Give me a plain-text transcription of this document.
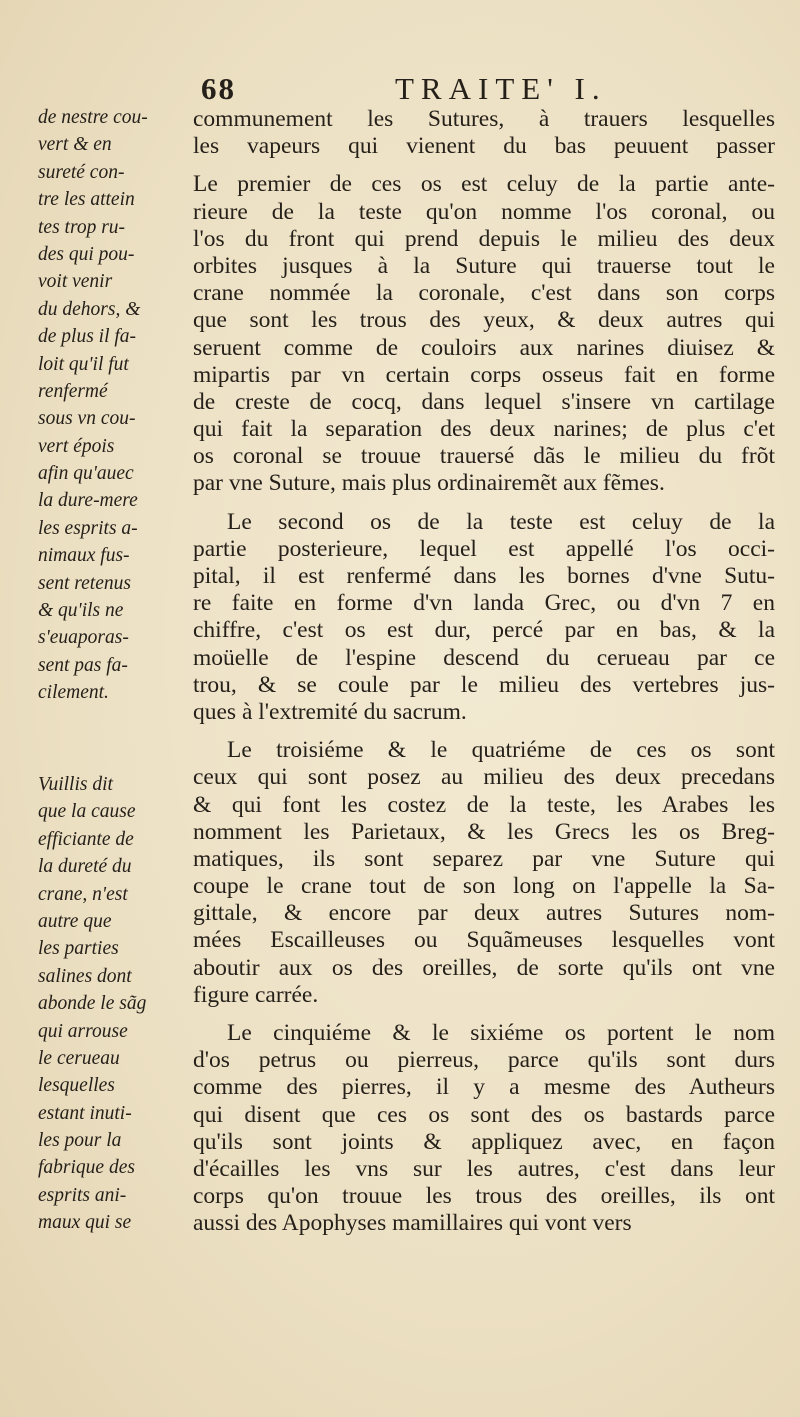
68	TRAITE' I.
de nestre cou-
vert & en
sureté con-
tre les attein
tes trop ru-
des qui pou-
voit venir
du dehors, &
de plus il fa-
loit qu'il fut
renfermé
sous vn cou-
vert épois
afin qu'auec
la dure-mere
les esprits a-
nimaux fus-
sent retenus
& qu'ils ne
s'euaporas-
sent pas fa-
cilement.
Vuillis dit
que la cause
efficiante de
la dureté du
crane, n'est
autre que
les parties
salines dont
abonde le sãg
qui arrouse
le cerueau
lesquelles
estant inuti-
les pour la
fabrique des
esprits ani-
maux qui se
communement les Sutures, à trauers lesquelles
les vapeurs qui vienent du bas peuuent passer
Le premier de ces os est celuy de la partie ante-
rieure de la teste qu'on nomme l'os coronal, ou
l'os du front qui prend depuis le milieu des deux
orbites jusques à la Suture qui trauerse tout le
crane nommée la coronale, c'est dans son corps
que sont les trous des yeux, & deux autres qui
seruent comme de couloirs aux narines diuisez &
mipartis par vn certain corps osseus fait en forme
de creste de cocq, dans lequel s'insere vn cartilage
qui fait la separation des deux narines; de plus c'et
os coronal se trouue trauersé dãs le milieu du frõt
par vne Suture, mais plus ordinairemẽt aux fẽmes.
Le second os de la teste est celuy de la
partie posterieure, lequel est appellé l'os occi-
pital, il est renfermé dans les bornes d'vne Sutu-
re faite en forme d'vn landa Grec, ou d'vn 7 en
chiffre, c'est os est dur, percé par en bas, & la
moüelle de l'espine descend du cerueau par ce
trou, & se coule par le milieu des vertebres jus-
ques à l'extremité du sacrum.
Le troisiéme & le quatriéme de ces os sont
ceux qui sont posez au milieu des deux precedans
& qui font les costez de la teste, les Arabes les
nomment les Parietaux, & les Grecs les os Breg-
matiques, ils sont separez par vne Suture qui
coupe le crane tout de son long on l'appelle la Sa-
gittale, & encore par deux autres Sutures nom-
mées Escailleuses ou Squãmeuses lesquelles vont
aboutir aux os des oreilles, de sorte qu'ils ont vne
figure carrée.
Le cinquiéme & le sixiéme os portent le nom
d'os petrus ou pierreus, parce qu'ils sont durs
comme des pierres, il y a mesme des Autheurs
qui disent que ces os sont des os bastards parce
qu'ils sont joints & appliquez avec, en façon
d'écailles les vns sur les autres, c'est dans leur
corps qu'on trouue les trous des oreilles, ils ont
aussi des Apophyses mamillaires qui vont vers
